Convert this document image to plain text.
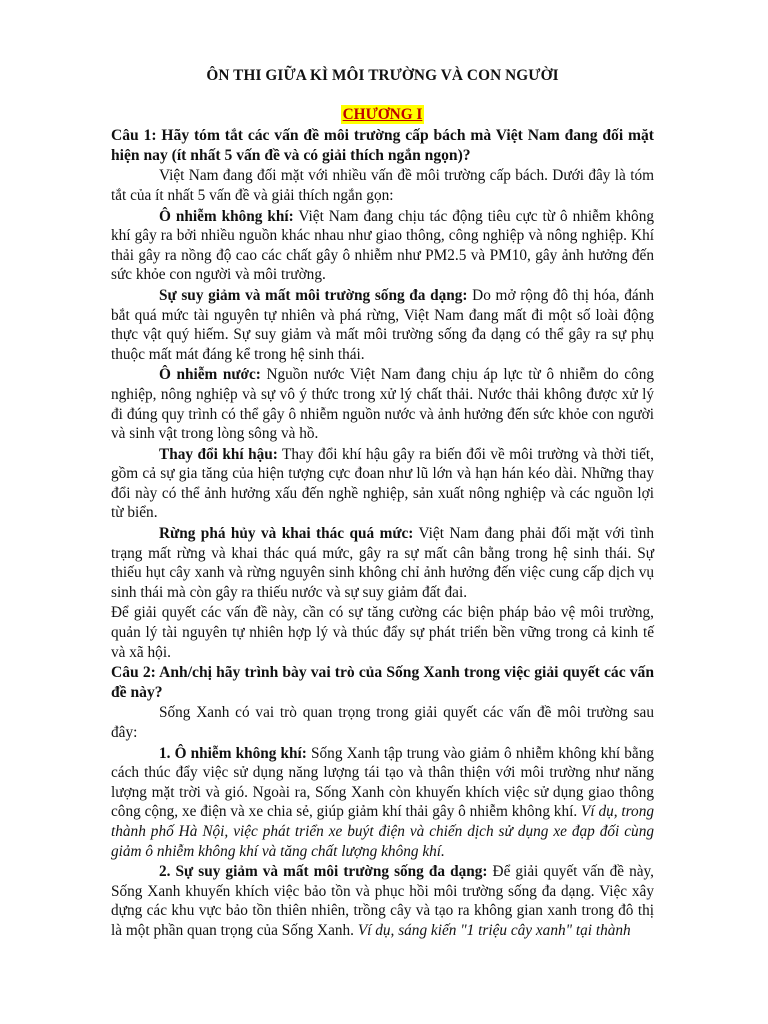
ÔN THI GIỮA KÌ MÔI TRƯỜNG VÀ CON NGƯỜI
CHƯƠNG I

Câu 1: Hãy tóm tắt các vấn đề môi trường cấp bách mà Việt Nam đang đối mặt hiện nay (ít nhất 5 vấn đề và có giải thích ngắn ngọn)?

Việt Nam đang đối mặt với nhiều vấn đề môi trường cấp bách. Dưới đây là tóm tắt của ít nhất 5 vấn đề và giải thích ngắn gọn:

Ô nhiễm không khí: Việt Nam đang chịu tác động tiêu cực từ ô nhiễm không khí gây ra bởi nhiều nguồn khác nhau như giao thông, công nghiệp và nông nghiệp. Khí thải gây ra nồng độ cao các chất gây ô nhiễm như PM2.5 và PM10, gây ảnh hưởng đến sức khỏe con người và môi trường.

Sự suy giảm và mất môi trường sống đa dạng: Do mở rộng đô thị hóa, đánh bắt quá mức tài nguyên tự nhiên và phá rừng, Việt Nam đang mất đi một số loài động thực vật quý hiếm. Sự suy giảm và mất môi trường sống đa dạng có thể gây ra sự phụ thuộc mất mát đáng kể trong hệ sinh thái.

Ô nhiễm nước: Nguồn nước Việt Nam đang chịu áp lực từ ô nhiễm do công nghiệp, nông nghiệp và sự vô ý thức trong xử lý chất thải. Nước thải không được xử lý đi đúng quy trình có thể gây ô nhiễm nguồn nước và ảnh hưởng đến sức khỏe con người và sinh vật trong lòng sông và hồ.

Thay đổi khí hậu: Thay đổi khí hậu gây ra biến đổi về môi trường và thời tiết, gồm cả sự gia tăng của hiện tượng cực đoan như lũ lớn và hạn hán kéo dài. Những thay đổi này có thể ảnh hưởng xấu đến nghề nghiệp, sản xuất nông nghiệp và các nguồn lợi từ biển.

Rừng phá hủy và khai thác quá mức: Việt Nam đang phải đối mặt với tình trạng mất rừng và khai thác quá mức, gây ra sự mất cân bằng trong hệ sinh thái. Sự thiếu hụt cây xanh và rừng nguyên sinh không chỉ ảnh hưởng đến việc cung cấp dịch vụ sinh thái mà còn gây ra thiếu nước và sự suy giảm đất đai.

Để giải quyết các vấn đề này, cần có sự tăng cường các biện pháp bảo vệ môi trường, quản lý tài nguyên tự nhiên hợp lý và thúc đẩy sự phát triển bền vững trong cả kinh tế và xã hội.

Câu 2: Anh/chị hãy trình bày vai trò của Sống Xanh trong việc giải quyết các vấn đề này?

Sống Xanh có vai trò quan trọng trong giải quyết các vấn đề môi trường sau đây:

1. Ô nhiễm không khí: Sống Xanh tập trung vào giảm ô nhiễm không khí bằng cách thúc đẩy việc sử dụng năng lượng tái tạo và thân thiện với môi trường như năng lượng mặt trời và gió. Ngoài ra, Sống Xanh còn khuyến khích việc sử dụng giao thông công cộng, xe điện và xe chia sẻ, giúp giảm khí thải gây ô nhiễm không khí. Ví dụ, trong thành phố Hà Nội, việc phát triển xe buýt điện và chiến dịch sử dụng xe đạp đối cùng giảm ô nhiễm không khí và tăng chất lượng không khí.

2. Sự suy giảm và mất môi trường sống đa dạng: Để giải quyết vấn đề này, Sống Xanh khuyến khích việc bảo tồn và phục hồi môi trường sống đa dạng. Việc xây dựng các khu vực bảo tồn thiên nhiên, trồng cây và tạo ra không gian xanh trong đô thị là một phần quan trọng của Sống Xanh. Ví dụ, sáng kiến "1 triệu cây xanh" tại thành
